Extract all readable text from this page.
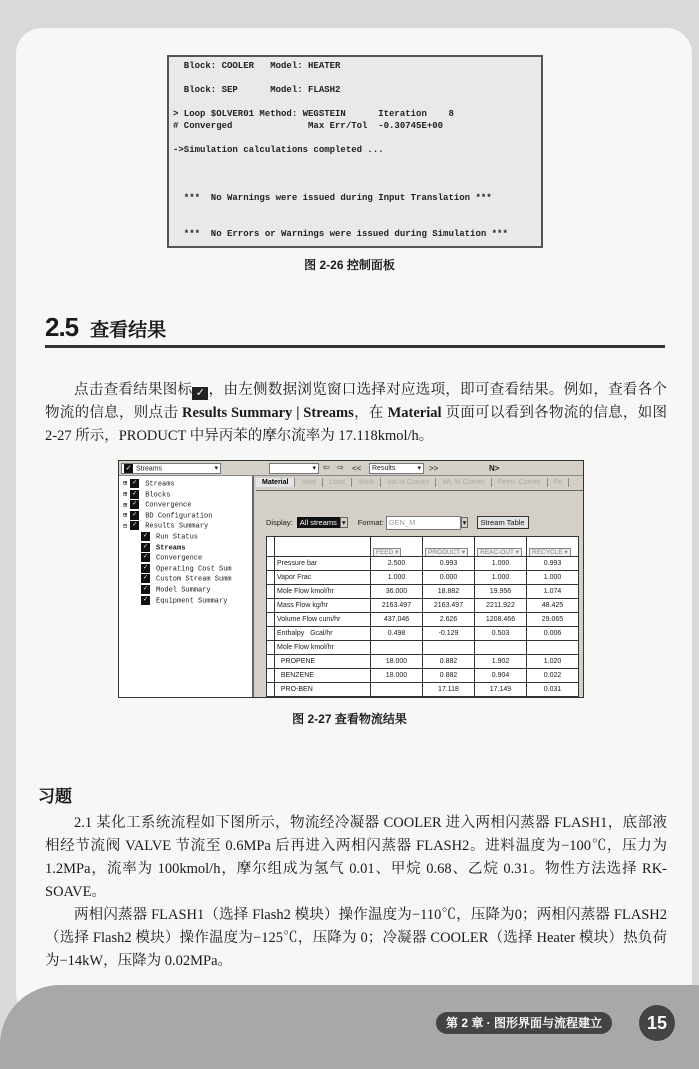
Block: COOLER   Model: HEATER
Block: SEP      Model: FLASH2
> Loop $OLVER01 Method: WEGSTEIN      Iteration    8
# Converged              Max Err/Tol  -0.30745E+00
->Simulation calculations completed ...
***  No Warnings were issued during Input Translation ***
***  No Errors or Warnings were issued during Simulation ***
图 2-26 控制面板
2.5 查看结果
点击查看结果图标 ✓ ，由左侧数据浏览窗口选择对应选项，即可查看结果。例如，查看各个物流的信息，则点击 Results Summary | Streams，在 Material 页面可以看到各物流的信息，如图 2-27 所示，PRODUCT 中异丙苯的摩尔流率为 17.118kmol/h。
✓ Streams	▾	▾ ⇦ ⇨ <<	Results	▾ >>	N>
⊞ ✓ Streams
⊞ ✓ Blocks
⊞ ✓ Convergence
⊞ ✓ BD Configuration
⊟ ✓ Results Summary
✓ Run Status
✓ Streams
✓ Convergence
✓ Operating Cost Sum
✓ Custom Stream Summ
✓ Model Summary
✓ Equipment Summary
Material Heat Load Work Vol.% Curves Wt. % Curves Petro. Curves Po
Display: All streams ▾ Format: GEN_M	▾ Stream Table
		FEED ▾	PRODUCT ▾	REAC-OUT ▾	RECYCLE ▾
	Pressure bar	2.500	0.993	1.000	0.993
	Vapor Frac	1.000	0.000	1.000	1.000
	Mole Flow kmol/hr	36.000	18.882	19.956	1.074
	Mass Flow kg/hr	2163.497	2163.497	2211.922	48.425
	Volume Flow cum/hr	437.046	2.626	1208.466	29.065
	Enthalpy   Gcal/hr	0.498	-0.129	0.503	0.006
	Mole Flow kmol/hr				
	PROPENE	18.000	0.882	1.902	1.020
	BENZENE	18.000	0.882	0.904	0.022
	PRO-BEN		17.118	17.149	0.031
图 2-27 查看物流结果
习题
2.1 某化工系统流程如下图所示，物流经冷凝器 COOLER 进入两相闪蒸器 FLASH1，底部液相经节流阀 VALVE 节流至 0.6MPa 后再进入两相闪蒸器 FLASH2。进料温度为−100℃，压力为 1.2MPa，流率为 100kmol/h，摩尔组成为氢气 0.01、甲烷 0.68、乙烷 0.31。物性方法选择 RK-SOAVE。
两相闪蒸器 FLASH1（选择 Flash2 模块）操作温度为−110℃，压降为0；两相闪蒸器 FLASH2（选择 Flash2 模块）操作温度为−125℃，压降为 0；冷凝器 COOLER（选择 Heater 模块）热负荷为−14kW，压降为 0.02MPa。
第 2 章 · 图形界面与流程建立	15
